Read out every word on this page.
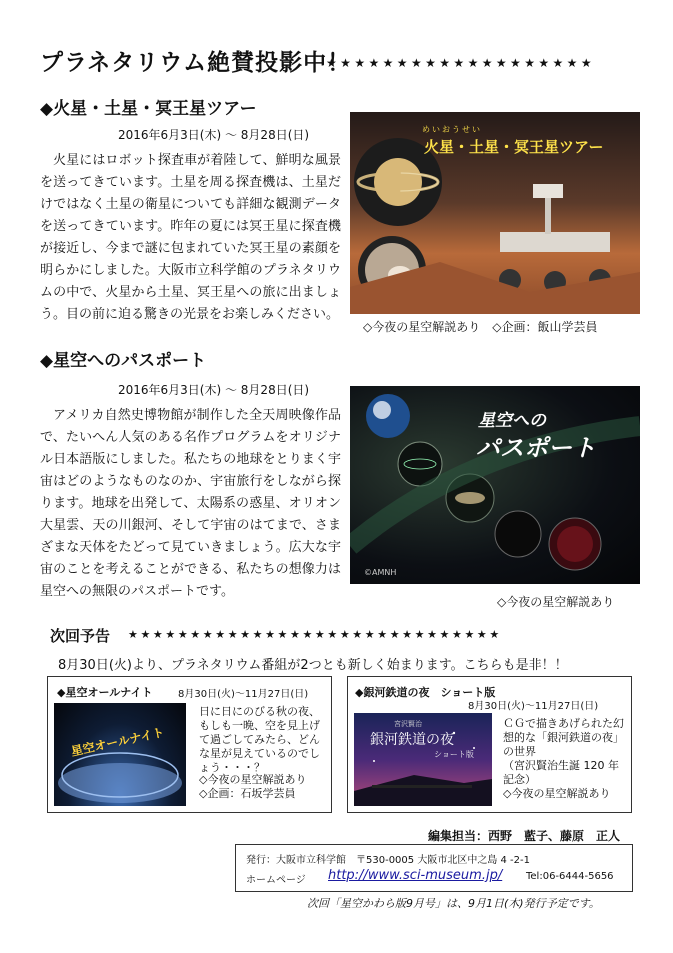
プラネタリウム絶賛投影中！
★★★★★★★★★★★★★★★★★★★
◆火星・土星・冥王星ツアー
2016年6月3日(木) ～ 8月28日(日)
火星にはロボット探査車が着陸して、鮮明な風景を送ってきています。土星を周る探査機は、土星だけではなく土星の衛星についても詳細な観測データを送ってきています。昨年の夏には冥王星に探査機が接近し、今まで謎に包まれていた冥王星の素顔を明らかにしました。大阪市立科学館のプラネタリウムの中で、火星から土星、冥王星への旅に出ましょう。目の前に迫る驚きの光景をお楽しみください。
めいおうせい
火星・土星・冥王星ツアー
◇今夜の星空解説あり　◇企画：飯山学芸員
◆星空へのパスポート
2016年6月3日(木) ～ 8月28日(日)
アメリカ自然史博物館が制作した全天周映像作品で、たいへん人気のある名作プログラムをオリジナル日本語版にしました。私たちの地球をとりまく宇宙はどのようなものなのか、宇宙旅行をしながら探ります。地球を出発して、太陽系の惑星、オリオン大星雲、天の川銀河、そして宇宙のはてまで、さまざまな天体をたどって見ていきましょう。広大な宇宙のことを考えることができる、私たちの想像力は星空への無限のパスポートです。
星空への
パスポート
©AMNH
◇今夜の星空解説あり
次回予告 ★★★★★★★★★★★★★★★★★★★★★★★★★★★★★★
8月30日(火)より、プラネタリウム番組が2つとも新しく始まります。こちらも是非！！
◆星空オールナイト	8月30日(火)～11月27日(日)
星空オールナイト
日に日にのびる秋の夜、もしも一晩、空を見上げて過ごしてみたら、どんな星が見えているのでしょう・・・？
◇今夜の星空解説あり
◇企画：石坂学芸員
◆銀河鉄道の夜　ショート版
8月30日(火)～11月27日(日)
宮沢賢治
銀河鉄道の夜
ショート版
ＣＧで描きあげられた幻想的な「銀河鉄道の夜」の世界
（宮沢賢治生誕 120 年記念）
◇今夜の星空解説あり
編集担当：西野　藍子、藤原　正人
発行：大阪市立科学館　〒530-0005 大阪市北区中之島 4 -2-1
ホームページ http://www.sci-museum.jp/ Tel:06-6444-5656
次回「星空かわら版9月号」は、9月1日(木)発行予定です。
